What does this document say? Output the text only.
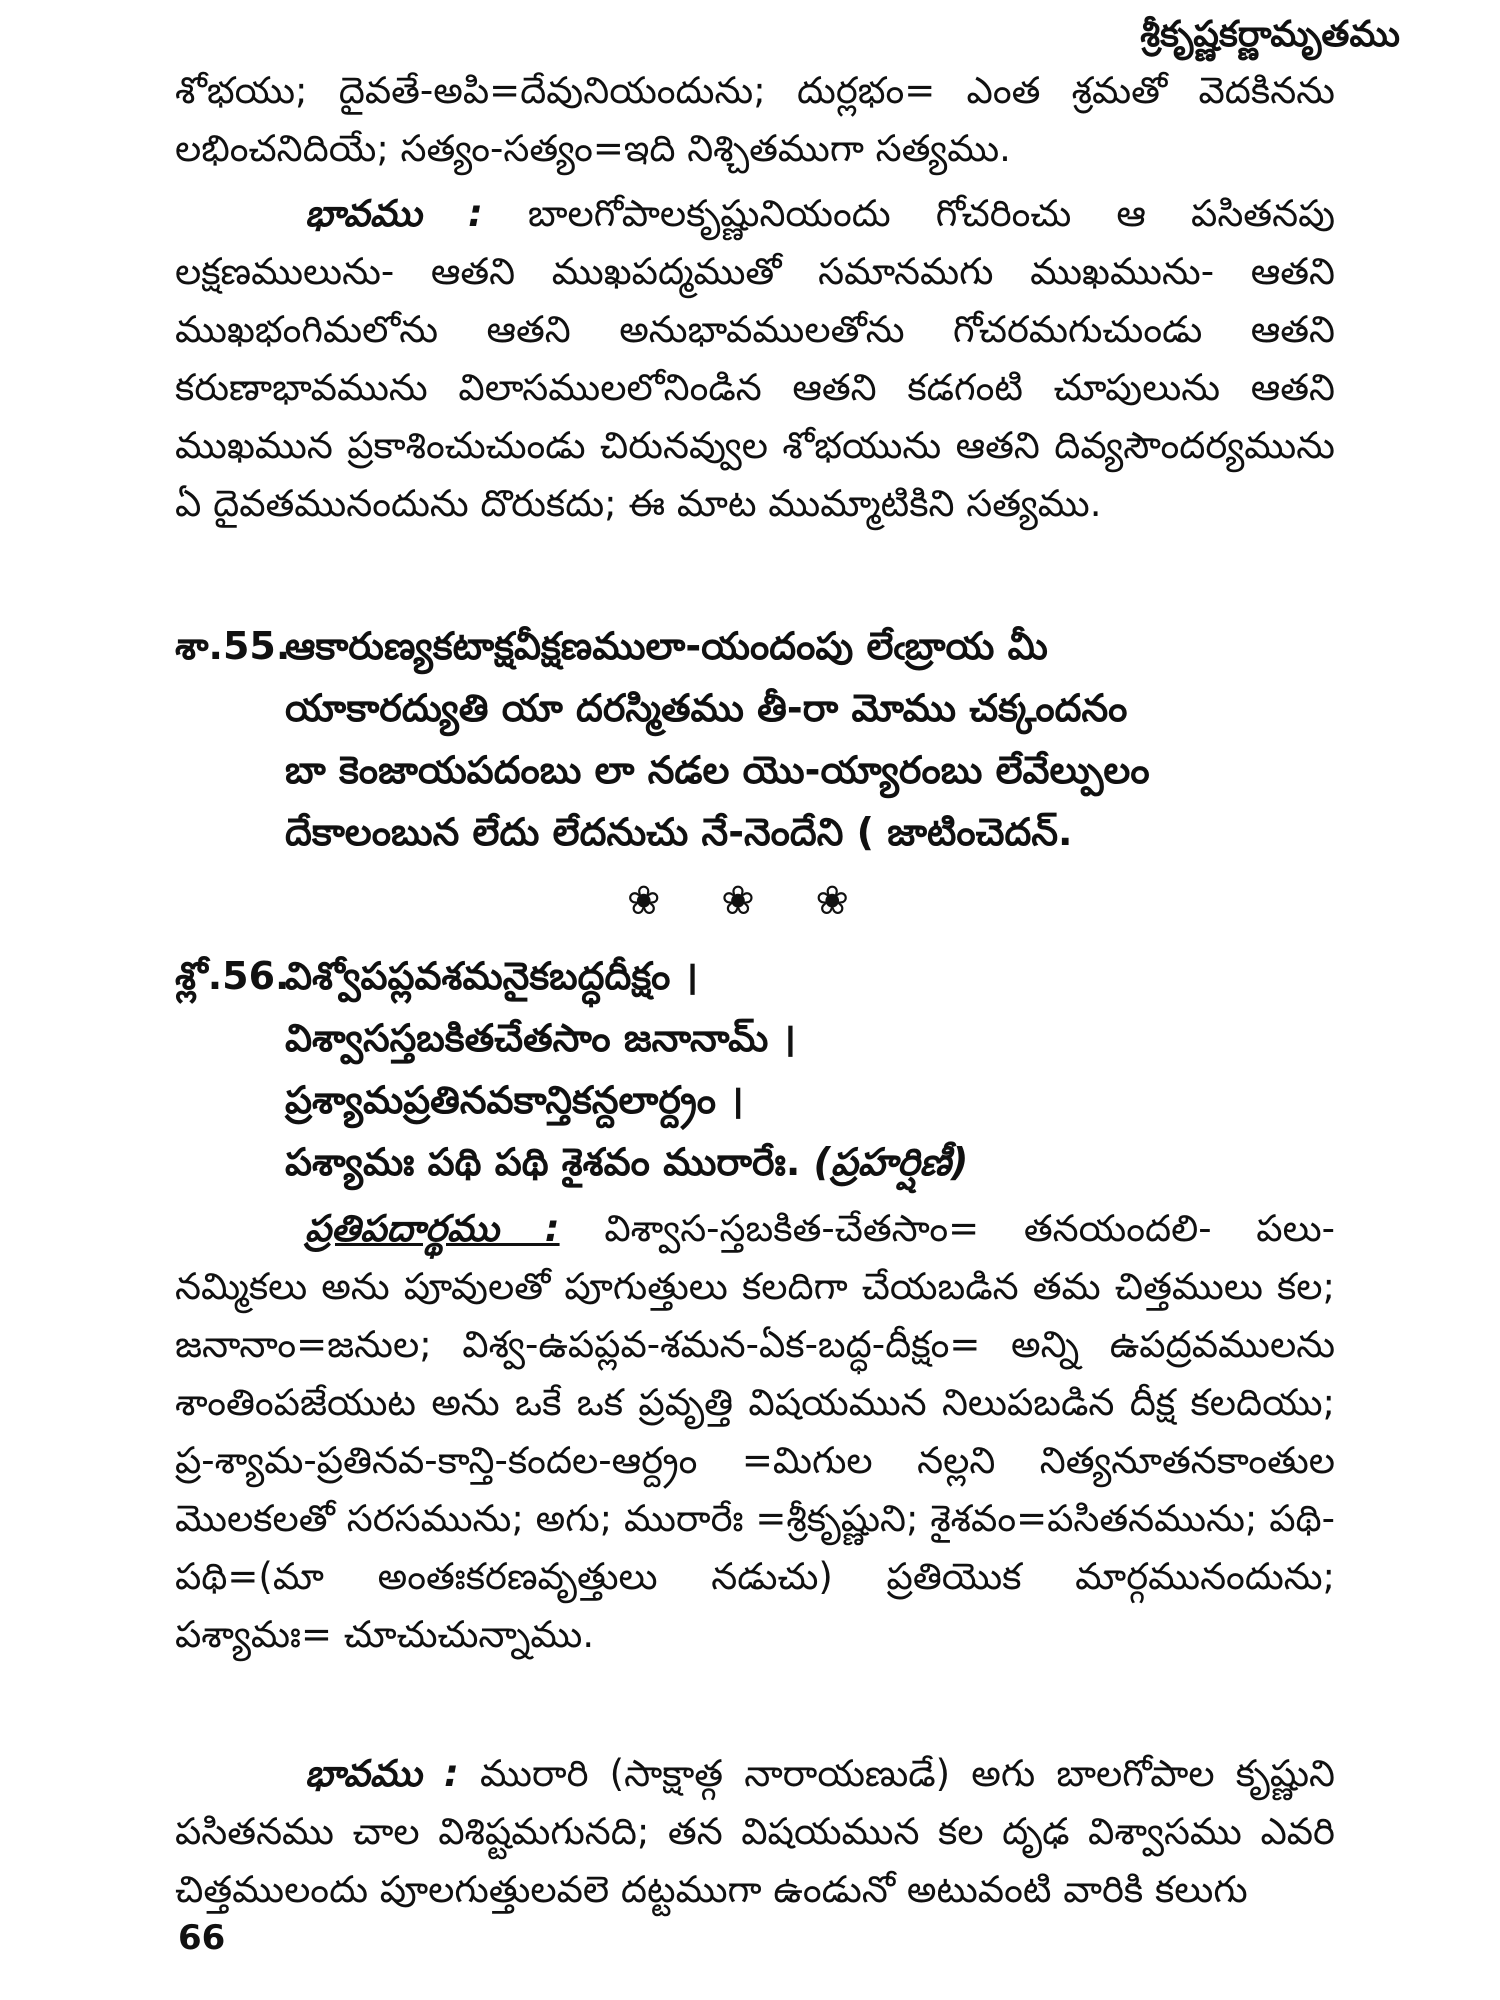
శ్రీకృష్ణకర్ణామృతము

శోభయు; దైవతే-అపి=దేవునియందును; దుర్లభం= ఎంత శ్రమతో వెదకినను లభించనిదియే; సత్యం-సత్యం=ఇది నిశ్చితముగా సత్యము.

భావము : బాలగోపాలకృష్ణునియందు గోచరించు ఆ పసితనపు లక్షణములును- ఆతని ముఖపద్మముతో సమానమగు ముఖమును- ఆతని ముఖభంగిమలోను ఆతని అనుభావములతోను గోచరమగుచుండు ఆతని కరుణాభావమును విలాసములలోనిండిన ఆతని కడగంటి చూపులును ఆతని ముఖమున ప్రకాశించుచుండు చిరునవ్వుల శోభయును ఆతని దివ్యసౌందర్యమును ఏ దైవతమునందును దొరుకదు; ఈ మాట ముమ్మాటికిని సత్యము.

శా.55.ఆకారుణ్యకటాక్షవీక్షణములా-యందంపు లేఁబ్రాయ మీ
యాకారద్యుతి యా దరస్మితము తీ-రా మోము చక్కందనం
బా కెంజాయపదంబు లా నడల యొ-య్యారంబు లేవేల్పులం
దేకాలంబున లేదు లేదనుచు నే-నెందేని ( జాటించెదన్.
❀ ❀ ❀
శ్లో.56.విశ్వోపప్లవశమనైకబద్ధదీక్షం ।
విశ్వాసస్తబకితచేతసాం జనానామ్ ।
ప్రశ్యామప్రతినవకాన్తికన్దలార్ద్రం ।
పశ్యామః పథి పథి శైశవం మురారేః. (ప్రహర్షిణీ)

ప్రతిపదార్థము : విశ్వాస-స్తబకిత-చేతసాం= తనయందలి- పలు- నమ్మికలు అను పూవులతో పూగుత్తులు కలదిగా చేయబడిన తమ చిత్తములు కల; జనానాం=జనుల; విశ్వ-ఉపప్లవ-శమన-ఏక-బద్ధ-దీక్షం= అన్ని ఉపద్రవములను శాంతింపజేయుట అను ఒకే ఒక ప్రవృత్తి విషయమున నిలుపబడిన దీక్ష కలదియు; ప్ర-శ్యామ-ప్రతినవ-కాన్తి-కందల-ఆర్ద్రం =మిగుల నల్లని నిత్యనూతనకాంతుల మొలకలతో సరసమును; అగు; మురారేః =శ్రీకృష్ణుని; శైశవం=పసితనమును; పథి-పథి=(మా అంతఃకరణవృత్తులు నడుచు) ప్రతియొక మార్గమునందును; పశ్యామః= చూచుచున్నాము.

భావము : మురారి (సాక్షాత్గ నారాయణుడే) అగు బాలగోపాల కృష్ణుని పసితనము చాల విశిష్టమగునది; తన విషయమున కల దృఢ విశ్వాసము ఎవరి చిత్తములందు పూలగుత్తులవలె దట్టముగా ఉండునో అటువంటి వారికి కలుగు

66
